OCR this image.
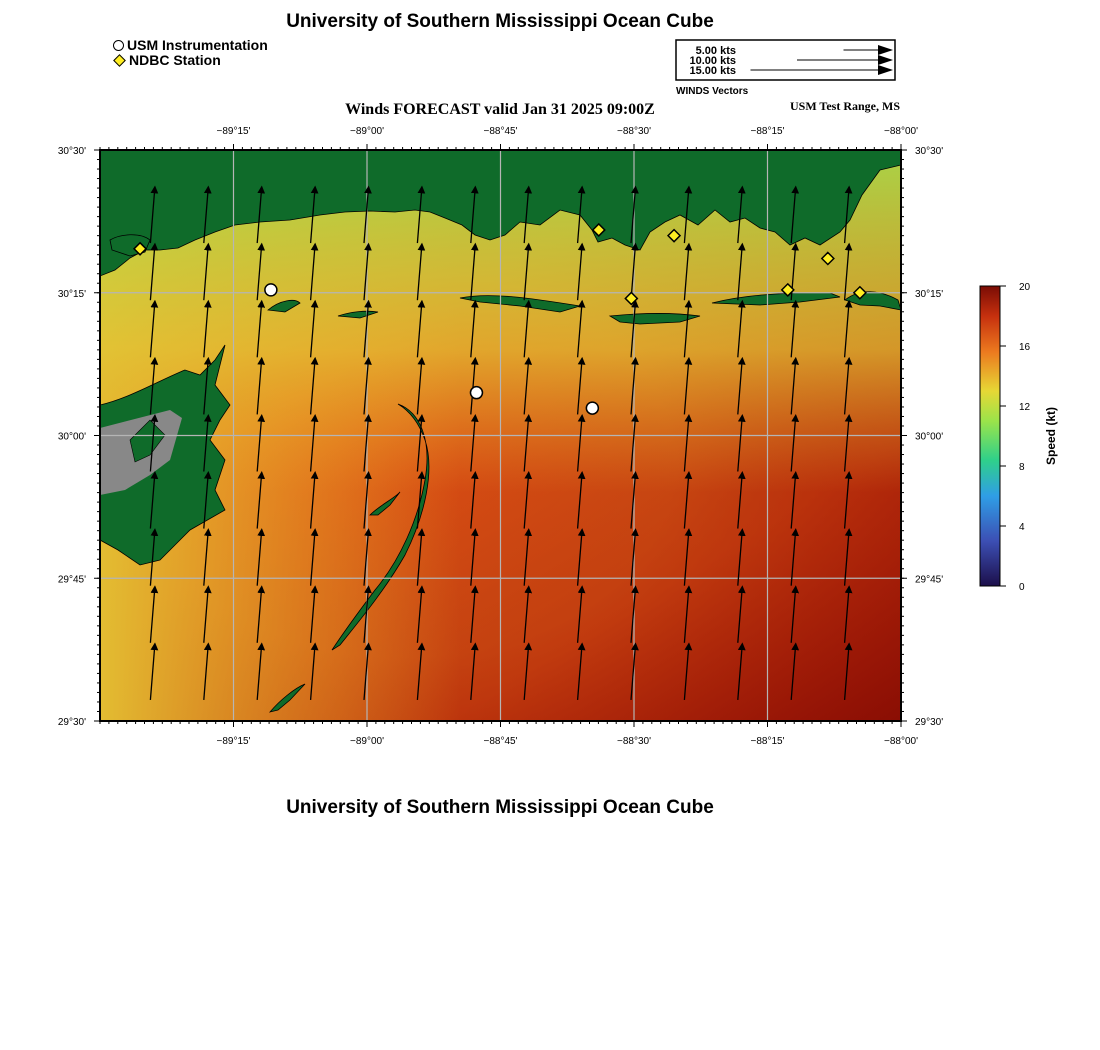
University of Southern Mississippi Ocean Cube
USM Instrumentation
NDBC Station
Winds FORECAST valid Jan 31 2025 09:00Z	USM Test Range, MS
5.00 kts
10.00 kts
15.00 kts
WINDS Vectors
−89°15'
−89°15'
−89°00'
−89°00'
−88°45'
−88°45'
−88°30'
−88°30'
−88°15'
−88°15'
−88°00'
−88°00'
30°30'	30°30'
30°15'	30°15'
30°00'	30°00'
29°45'	29°45'
29°30'	29°30'
0
4
8
12
16
20
Speed (kt)
University of Southern Mississippi Ocean Cube
